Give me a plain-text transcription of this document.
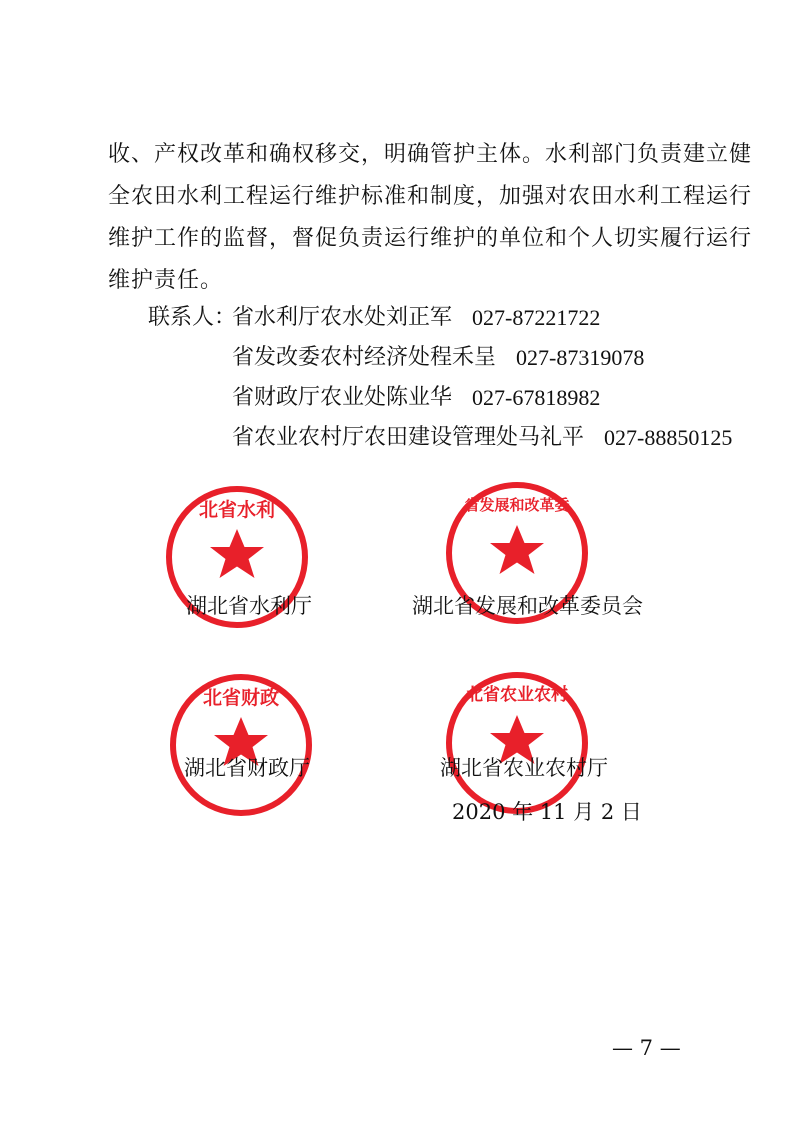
收、产权改革和确权移交，明确管护主体。水利部门负责建立健
全农田水利工程运行维护标准和制度，加强对农田水利工程运行
维护工作的监督，督促负责运行维护的单位和个人切实履行运行
维护责任。
联系人：
省水利厅农水处刘正军 027-87221722
省发改委农村经济处程禾呈 027-87319078
省财政厅农业处陈业华 027-67818982
省农业农村厅农田建设管理处马礼平 027-88850125
北省水利	省发展和改革委
北省财政	北省农业农村
湖北省水利厅	湖北省发展和改革委员会
湖北省财政厅	湖北省农业农村厅
2020 年 11 月 2 日
— 7 —
